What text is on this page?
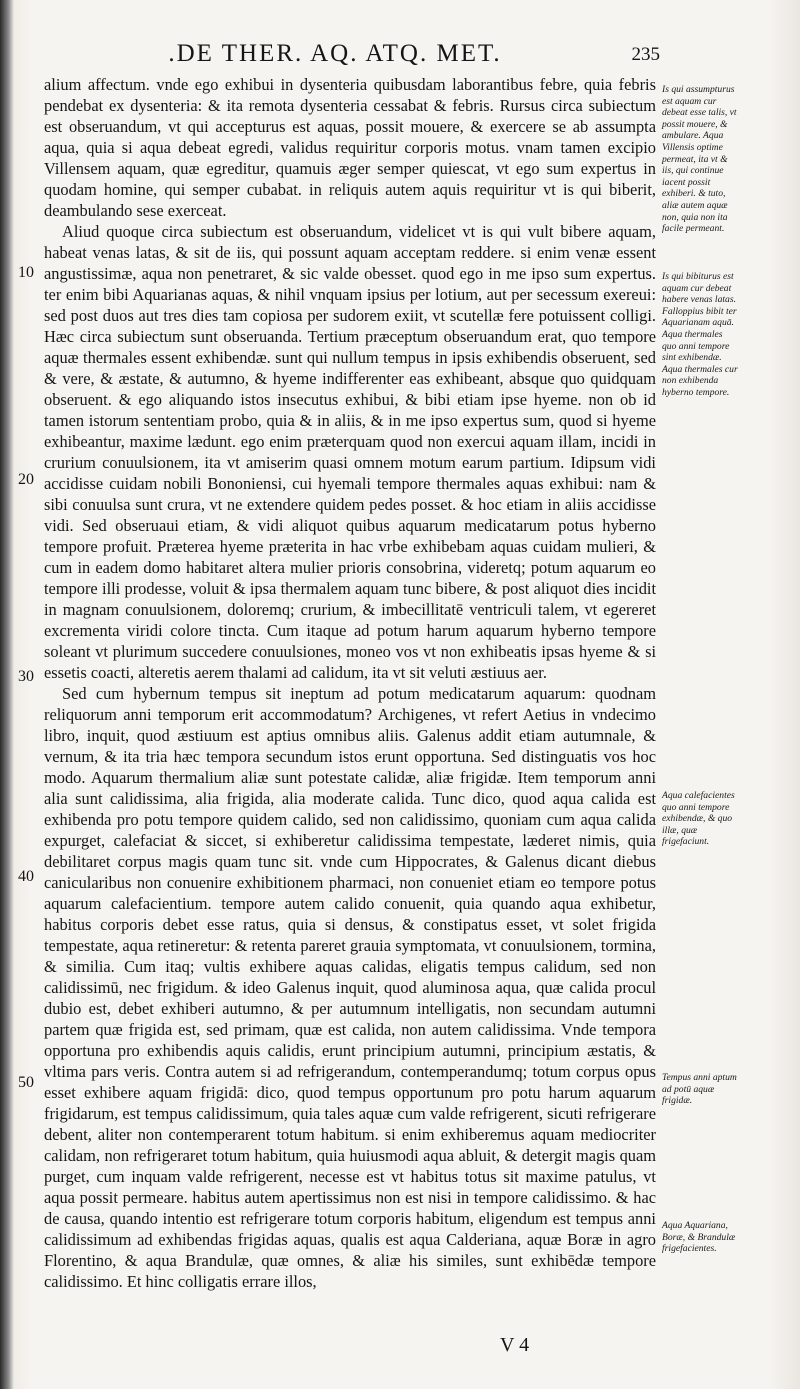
.DE THER. AQ. ATQ. MET.	235

alium affectum. vnde ego exhibui in dysenteria quibusdam laborantibus febre, quia febris pendebat ex dysenteria: & ita remota dysenteria cessabat & febris. Rursus circa subiectum est obseruandum, vt qui accepturus est aquas, possit mouere, & exercere se ab assumpta aqua, quia si aqua debeat egredi, validus requiritur corporis motus. vnam tamen excipio Villensem aquam, quæ egreditur, quamuis æger semper quiescat, vt ego sum expertus in quodam homine, qui semper cubabat. in reliquis autem aquis requiritur vt is qui biberit, deambulando sese exerceat.

Aliud quoque circa subiectum est obseruandum, videlicet vt is qui vult bibere aquam, habeat venas latas, & sit de iis, qui possunt aquam acceptam reddere. si enim venæ essent angustissimæ, aqua non penetraret, & sic valde obesset. quod ego in me ipso sum expertus. ter enim bibi Aquarianas aquas, & nihil vnquam ipsius per lotium, aut per secessum exereui: sed post duos aut tres dies tam copiosa per sudorem exiit, vt scutellæ fere potuissent colligi. Hæc circa subiectum sunt obseruanda. Tertium præceptum obseruandum erat, quo tempore aquæ thermales essent exhibendæ. sunt qui nullum tempus in ipsis exhibendis obseruent, sed & vere, & æstate, & autumno, & hyeme indifferenter eas exhibeant, absque quo quidquam obseruent. & ego aliquando istos insecutus exhibui, & bibi etiam ipse hyeme. non ob id tamen istorum sententiam probo, quia & in aliis, & in me ipso expertus sum, quod si hyeme exhibeantur, maxime lædunt. ego enim præterquam quod non exercui aquam illam, incidi in crurium conuulsionem, ita vt amiserim quasi omnem motum earum partium. Idipsum vidi accidisse cuidam nobili Bononiensi, cui hyemali tempore thermales aquas exhibui: nam & sibi conuulsa sunt crura, vt ne extendere quidem pedes posset. & hoc etiam in aliis accidisse vidi. Sed obseruaui etiam, & vidi aliquot quibus aquarum medicatarum potus hyberno tempore profuit. Præterea hyeme præterita in hac vrbe exhibebam aquas cuidam mulieri, & cum in eadem domo habitaret altera mulier prioris consobrina, videretq; potum aquarum eo tempore illi prodesse, voluit & ipsa thermalem aquam tunc bibere, & post aliquot dies incidit in magnam conuulsionem, doloremq; crurium, & imbecillitatē ventriculi talem, vt egereret excrementa viridi colore tincta. Cum itaque ad potum harum aquarum hyberno tempore soleant vt plurimum succedere conuulsiones, moneo vos vt non exhibeatis ipsas hyeme & si essetis coacti, alteretis aerem thalami ad calidum, ita vt sit veluti æstiuus aer.

Sed cum hybernum tempus sit ineptum ad potum medicatarum aquarum: quodnam reliquorum anni temporum erit accommodatum? Archigenes, vt refert Aetius in vndecimo libro, inquit, quod æstiuum est aptius omnibus aliis. Galenus addit etiam autumnale, & vernum, & ita tria hæc tempora secundum istos erunt opportuna. Sed distinguatis vos hoc modo. Aquarum thermalium aliæ sunt potestate calidæ, aliæ frigidæ. Item temporum anni alia sunt calidissima, alia frigida, alia moderate calida. Tunc dico, quod aqua calida est exhibenda pro potu tempore quidem calido, sed non calidissimo, quoniam cum aqua calida expurget, calefaciat & siccet, si exhiberetur calidissima tempestate, læderet nimis, quia debilitaret corpus magis quam tunc sit. vnde cum Hippocrates, & Galenus dicant diebus canicularibus non conuenire exhibitionem pharmaci, non conueniet etiam eo tempore potus aquarum calefacientium. tempore autem calido conuenit, quia quando aqua exhibetur, habitus corporis debet esse ratus, quia si densus, & constipatus esset, vt solet frigida tempestate, aqua retineretur: & retenta pareret grauia symptomata, vt conuulsionem, tormina, & similia. Cum itaq; vultis exhibere aquas calidas, eligatis tempus calidum, sed non calidissimū, nec frigidum. & ideo Galenus inquit, quod aluminosa aqua, quæ calida procul dubio est, debet exhiberi autumno, & per autumnum intelligatis, non secundam autumni partem quæ frigida est, sed primam, quæ est calida, non autem calidissima. Vnde tempora opportuna pro exhibendis aquis calidis, erunt principium autumni, principium æstatis, & vltima pars veris. Contra autem si ad refrigerandum, contemperandumq; totum corpus opus esset exhibere aquam frigidā: dico, quod tempus opportunum pro potu harum aquarum frigidarum, est tempus calidissimum, quia tales aquæ cum valde refrigerent, sicuti refrigerare debent, aliter non contemperarent totum habitum. si enim exhiberemus aquam mediocriter calidam, non refrigeraret totum habitum, quia huiusmodi aqua abluit, & detergit magis quam purget, cum inquam valde refrigerent, necesse est vt habitus totus sit maxime patulus, vt aqua possit permeare. habitus autem apertissimus non est nisi in tempore calidissimo. & hac de causa, quando intentio est refrigerare totum corporis habitum, eligendum est tempus anni calidissimum ad exhibendas frigidas aquas, qualis est aqua Calderiana, aquæ Boræ in agro Florentino, & aqua Brandulæ, quæ omnes, & aliæ his similes, sunt exhibēdæ tempore calidissimo. Et hinc colligatis errare illos,

10
20
30
40
50
Is qui assumpturus est aquam cur debeat esse talis, vt possit mouere, & ambulare. Aqua Villensis optime permeat, ita vt & iis, qui continue iacent possit exhiberi. & tuto, aliæ autem aquæ non, quia non ita facile permeant.
Is qui bibiturus est aquam cur debeat habere venas latas. Falloppius bibit ter Aquarianam aquā. Aqua thermales quo anni tempore sint exhibendæ. Aqua thermales cur non exhibenda hyberno tempore.
Aqua calefacientes quo anni tempore exhibendæ, & quo illæ, quæ frigefaciunt.
Tempus anni aptum ad potū aquæ frigidæ.
Aqua Aquariana, Boræ, & Brandulæ frigefacientes.
V 4
